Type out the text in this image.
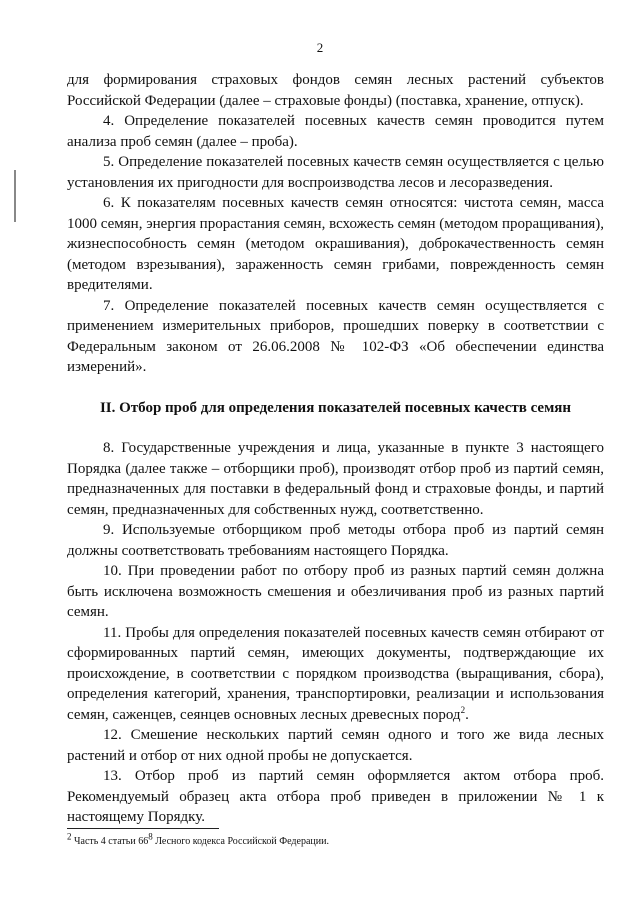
2

для формирования страховых фондов семян лесных растений субъектов Российской Федерации (далее – страховые фонды) (поставка, хранение, отпуск).

4. Определение показателей посевных качеств семян проводится путем анализа проб семян (далее – проба).

5. Определение показателей посевных качеств семян осуществляется с целью установления их пригодности для воспроизводства лесов и лесоразведения.

6. К показателям посевных качеств семян относятся: чистота семян, масса 1000 семян, энергия прорастания семян, всхожесть семян (методом проращивания), жизнеспособность семян (методом окрашивания), доброкачественность семян (методом взрезывания), зараженность семян грибами, поврежденность семян вредителями.

7. Определение показателей посевных качеств семян осуществляется с применением измерительных приборов, прошедших поверку в соответствии с Федеральным законом от 26.06.2008 № 102-ФЗ «Об обеспечении единства измерений».

II. Отбор проб для определения показателей посевных качеств семян

8. Государственные учреждения и лица, указанные в пункте 3 настоящего Порядка (далее также – отборщики проб), производят отбор проб из партий семян, предназначенных для поставки в федеральный фонд и страховые фонды, и партий семян, предназначенных для собственных нужд, соответственно.

9. Используемые отборщиком проб методы отбора проб из партий семян должны соответствовать требованиям настоящего Порядка.

10. При проведении работ по отбору проб из разных партий семян должна быть исключена возможность смешения и обезличивания проб из разных партий семян.

11. Пробы для определения показателей посевных качеств семян отбирают от сформированных партий семян, имеющих документы, подтверждающие их происхождение, в соответствии с порядком производства (выращивания, сбора), определения категорий, хранения, транспортировки, реализации и использования семян, саженцев, сеянцев основных лесных древесных пород$^2$.

12. Смешение нескольких партий семян одного и того же вида лесных растений и отбор от них одной пробы не допускается.

13. Отбор проб из партий семян оформляется актом отбора проб. Рекомендуемый образец акта отбора проб приведен в приложении № 1 к настоящему Порядку.

$^2$ Часть 4 статьи $66^8$ Лесного кодекса Российской Федерации.
